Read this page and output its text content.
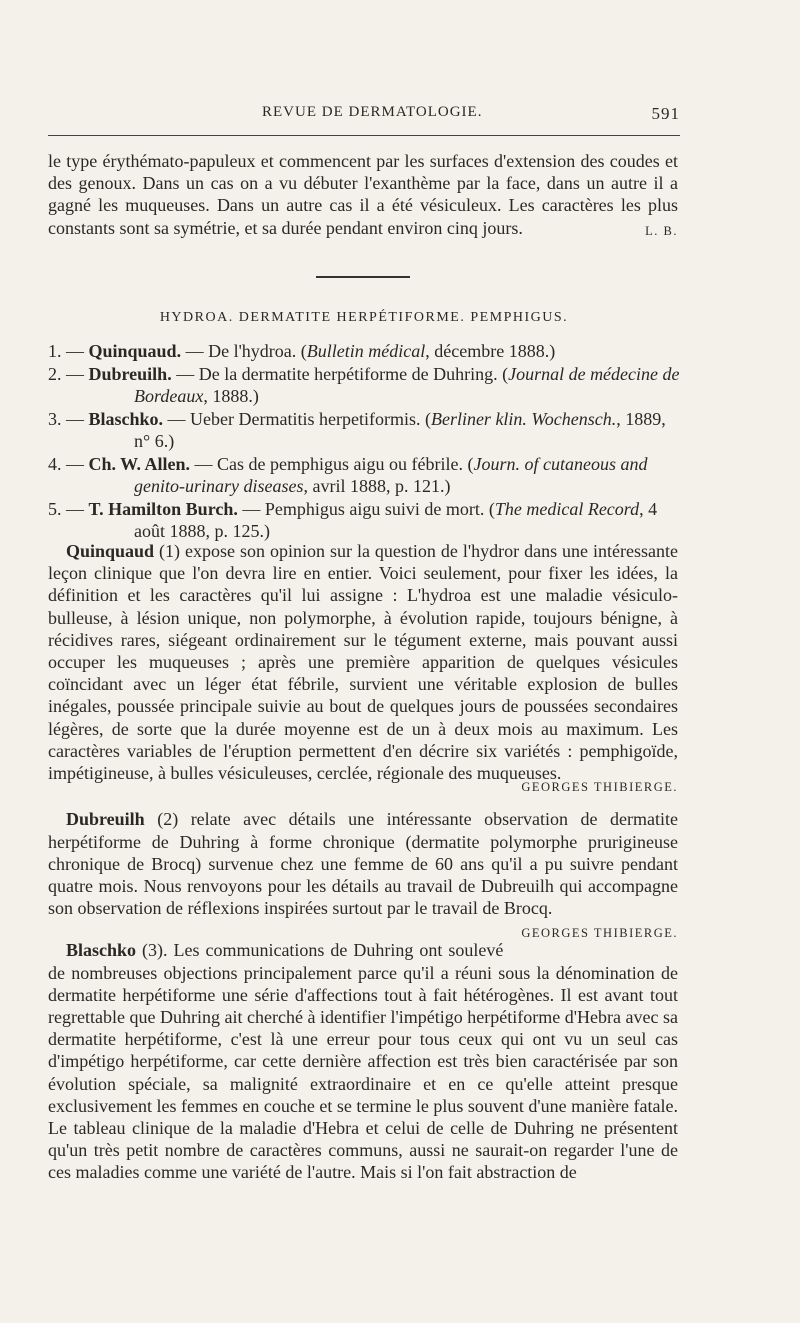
REVUE DE DERMATOLOGIE.	591

le type érythémato-papuleux et commencent par les surfaces d'extension des coudes et des genoux. Dans un cas on a vu débuter l'exanthème par la face, dans un autre il a gagné les muqueuses. Dans un autre cas il a été vésiculeux. Les caractères les plus constants sont sa symétrie, et sa durée pendant environ cinq jours.	L. B.

HYDROA. DERMATITE HERPÉTIFORME. PEMPHIGUS.

1. — Quinquaud. — De l'hydroa. (Bulletin médical, décembre 1888.)

2. — Dubreuilh. — De la dermatite herpétiforme de Duhring. (Journal de médecine de Bordeaux, 1888.)

3. — Blaschko. — Ueber Dermatitis herpetiformis. (Berliner klin. Wochensch., 1889, n° 6.)

4. — Ch. W. Allen. — Cas de pemphigus aigu ou fébrile. (Journ. of cutaneous and genito-urinary diseases, avril 1888, p. 121.)

5. — T. Hamilton Burch. — Pemphigus aigu suivi de mort. (The medical Record, 4 août 1888, p. 125.)

Quinquaud (1) expose son opinion sur la question de l'hydror dans une intéressante leçon clinique que l'on devra lire en entier. Voici seulement, pour fixer les idées, la définition et les caractères qu'il lui assigne : L'hydroa est une maladie vésiculo-bulleuse, à lésion unique, non polymorphe, à évolution rapide, toujours bénigne, à récidives rares, siégeant ordinairement sur le tégument externe, mais pouvant aussi occuper les muqueuses ; après une première apparition de quelques vésicules coïncidant avec un léger état fébrile, survient une véritable explosion de bulles inégales, poussée principale suivie au bout de quelques jours de poussées secondaires légères, de sorte que la durée moyenne est de un à deux mois au maximum. Les caractères variables de l'éruption permettent d'en décrire six variétés : pemphigoïde, impétigineuse, à bulles vésiculeuses, cerclée, régionale des muqueuses.

GEORGES THIBIERGE.

Dubreuilh (2) relate avec détails une intéressante observation de dermatite herpétiforme de Duhring à forme chronique (dermatite polymorphe prurigineuse chronique de Brocq) survenue chez une femme de 60 ans qu'il a pu suivre pendant quatre mois. Nous renvoyons pour les détails au travail de Dubreuilh qui accompagne son observation de réflexions inspirées surtout par le travail de Brocq.
GEORGES THIBIERGE.

Blaschko (3). Les communications de Duhring ont soulevé de nombreuses objections principalement parce qu'il a réuni sous la dénomination de dermatite herpétiforme une série d'affections tout à fait hétérogènes. Il est avant tout regrettable que Duhring ait cherché à identifier l'impétigo herpétiforme d'Hebra avec sa dermatite herpétiforme, c'est là une erreur pour tous ceux qui ont vu un seul cas d'impétigo herpétiforme, car cette dernière affection est très bien caractérisée par son évolution spéciale, sa malignité extraordinaire et en ce qu'elle atteint presque exclusivement les femmes en couche et se termine le plus souvent d'une manière fatale. Le tableau clinique de la maladie d'Hebra et celui de celle de Duhring ne présentent qu'un très petit nombre de caractères communs, aussi ne saurait-on regarder l'une de ces maladies comme une variété de l'autre. Mais si l'on fait abstraction de
